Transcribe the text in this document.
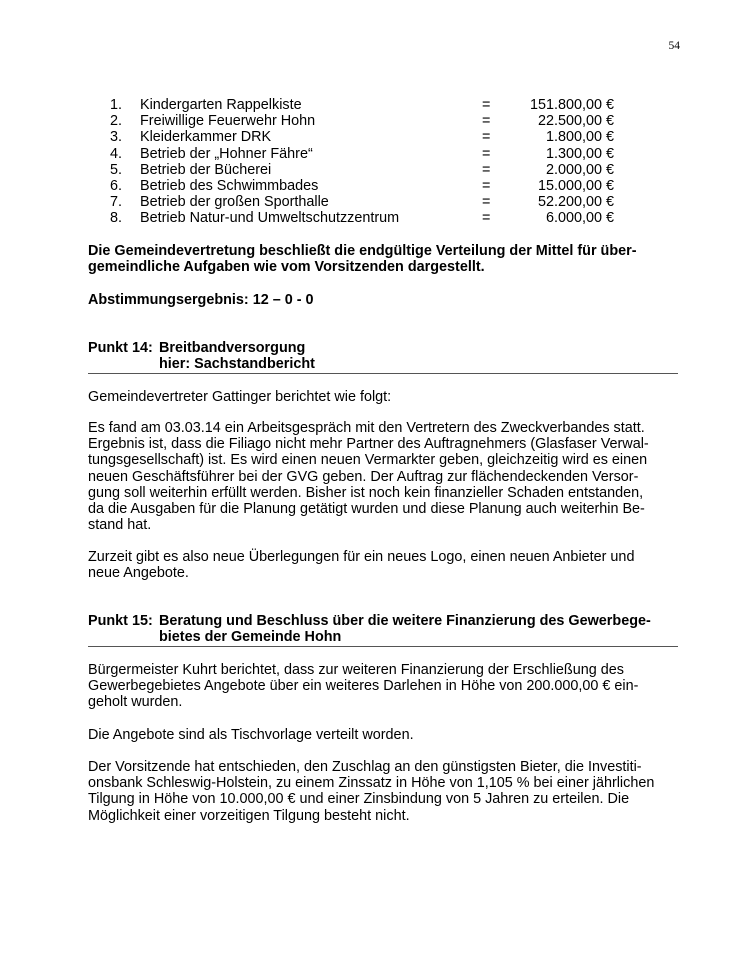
54
1. Kindergarten Rappelkiste	=	151.800,00 €
2. Freiwillige Feuerwehr Hohn	=	22.500,00 €
3. Kleiderkammer DRK	=	1.800,00 €
4. Betrieb der „Hohner Fähre“	=	1.300,00 €
5. Betrieb der Bücherei	=	2.000,00 €
6. Betrieb des Schwimmbades	=	15.000,00 €
7. Betrieb der großen Sporthalle	=	52.200,00 €
8. Betrieb Natur-und Umweltschutzzentrum	=	6.000,00 €
Die Gemeindevertretung beschließt die endgültige Verteilung der Mittel für über-
gemeindliche Aufgaben wie vom Vorsitzenden dargestellt.
Abstimmungsergebnis: 12 – 0 - 0
Punkt 14: Breitbandversorgung
hier: Sachstandbericht
Gemeindevertreter Gattinger berichtet wie folgt:
Es fand am 03.03.14 ein Arbeitsgespräch mit den Vertretern des Zweckverbandes statt.
Ergebnis ist, dass die Filiago nicht mehr Partner des Auftragnehmers (Glasfaser Verwal-
tungsgesellschaft) ist. Es wird einen neuen Vermarkter geben, gleichzeitig wird es einen
neuen Geschäftsführer bei der GVG geben. Der Auftrag zur flächendeckenden Versor-
gung soll weiterhin erfüllt werden. Bisher ist noch kein finanzieller Schaden entstanden,
da die Ausgaben für die Planung getätigt wurden und diese Planung auch weiterhin Be-
stand hat.
Zurzeit gibt es also neue Überlegungen für ein neues Logo, einen neuen Anbieter und
neue Angebote.
Punkt 15: Beratung und Beschluss über die weitere Finanzierung des Gewerbege-
bietes der Gemeinde Hohn
Bürgermeister Kuhrt berichtet, dass zur weiteren Finanzierung der Erschließung des
Gewerbegebietes Angebote über ein weiteres Darlehen in Höhe von 200.000,00 € ein-
geholt wurden.
Die Angebote sind als Tischvorlage verteilt worden.
Der Vorsitzende hat entschieden, den Zuschlag an den günstigsten Bieter, die Investiti-
onsbank Schleswig-Holstein, zu einem Zinssatz in Höhe von 1,105 % bei einer jährlichen
Tilgung in Höhe von 10.000,00 € und einer Zinsbindung von 5 Jahren zu erteilen. Die
Möglichkeit einer vorzeitigen Tilgung besteht nicht.
